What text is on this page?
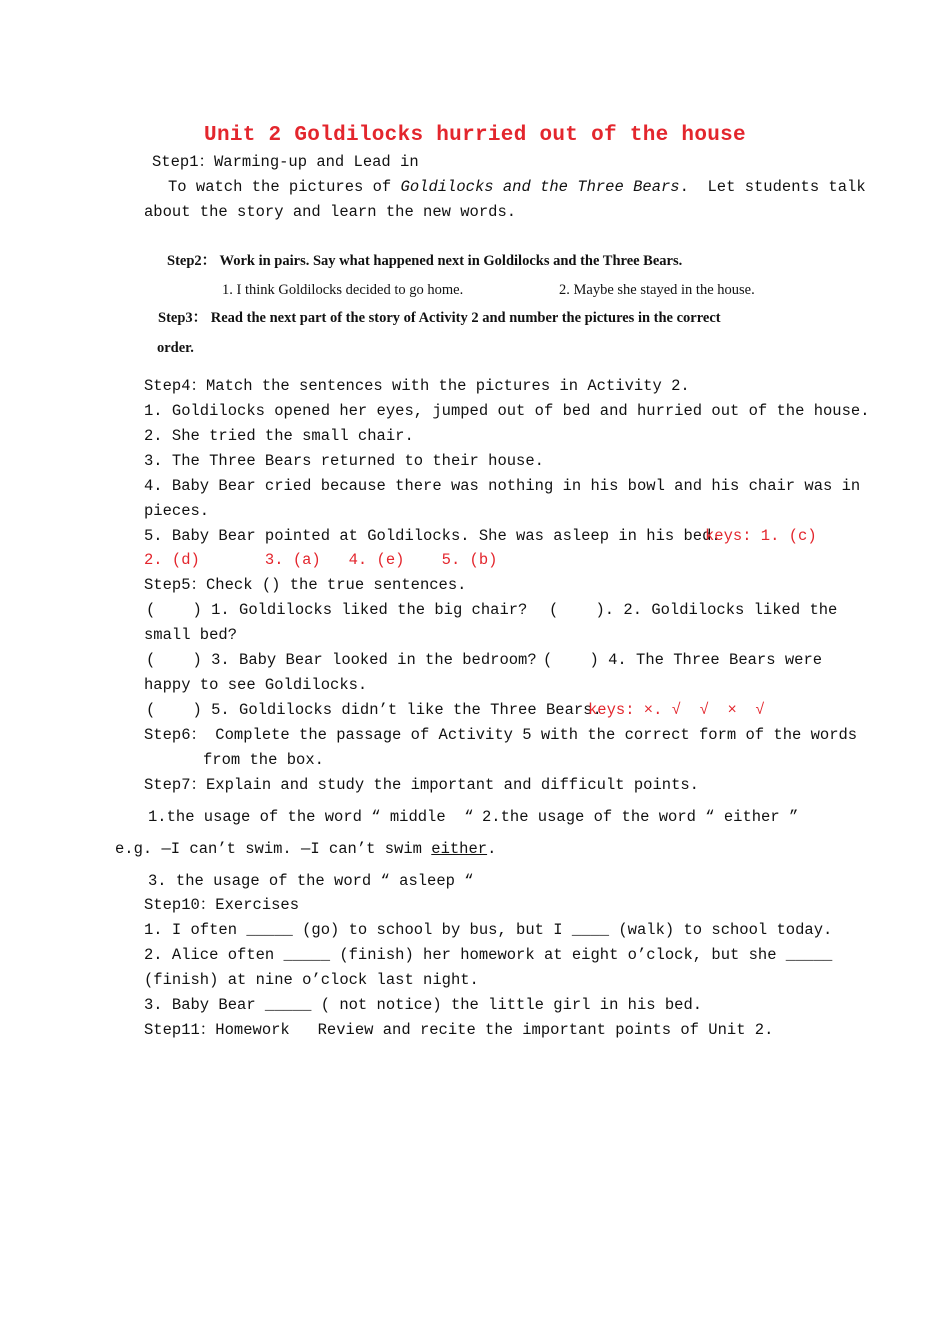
Unit 2 Goldilocks hurried out of the house
Step1：Warming-up and Lead in
To watch the pictures of Goldilocks and the Three Bears.  Let students talk
about the story and learn the new words.
Step2： Work in pairs. Say what happened next in Goldilocks and the Three Bears.
1. I think Goldilocks decided to go home.	2. Maybe she stayed in the house.
Step3： Read the next part of the story of Activity 2 and number the pictures in the correct
order.
Step4：Match the sentences with the pictures in Activity 2.
1. Goldilocks opened her eyes, jumped out of bed and hurried out of the house.
2. She tried the small chair.
3. The Three Bears returned to their house.
4. Baby Bear cried because there was nothing in his bowl and his chair was in
pieces.
5. Baby Bear pointed at Goldilocks. She was asleep in his bed.
keys: 1. (c)
2. (d)       3. (a)   4. (e)    5. (b)
Step5：Check () the true sentences.
(    ) 1. Goldilocks liked the big chair? (    ). 2. Goldilocks liked the
small bed?
(    ) 3. Baby Bear looked in the bedroom? (    ) 4. The Three Bears were
happy to see Goldilocks.
(    ) 5. Goldilocks didn’t like the Three Bears.
keys: ×. √  √  ×  √
Step6： Complete the passage of Activity 5 with the correct form of the words
from the box.
Step7：Explain and study the important and difficult points.
1.the usage of the word “ middle  “ 2.the usage of the word “ either ”
e.g. —I can’t swim. —I can’t swim either.
3. the usage of the word “ asleep “
Step10：Exercises
1. I often _____ (go) to school by bus, but I ____ (walk) to school today.
2. Alice often _____ (finish) her homework at eight o’clock, but she _____
(finish) at nine o’clock last night.
3. Baby Bear _____ ( not notice) the little girl in his bed.
Step11：Homework   Review and recite the important points of Unit 2.
